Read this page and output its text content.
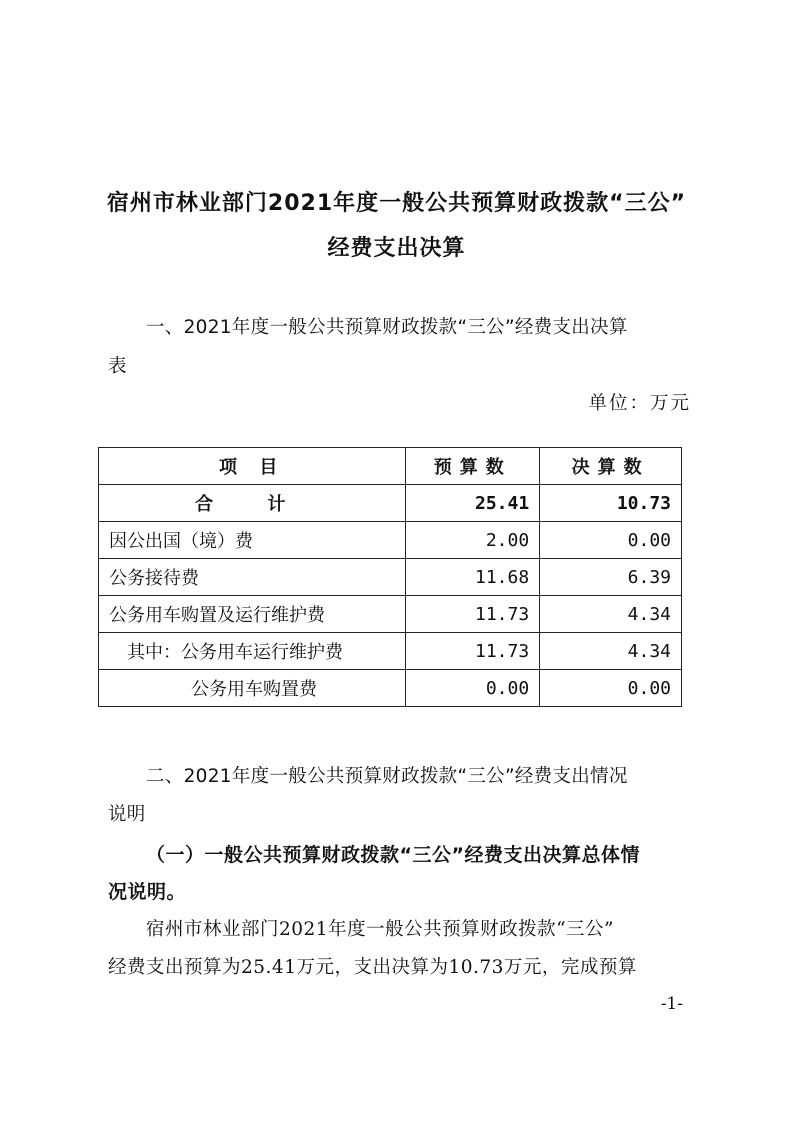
宿州市林业部门2021年度一般公共预算财政拨款“三公”
经费支出决算
一、2021年度一般公共预算财政拨款“三公”经费支出决算
表
单位：万元
项 目	预算数	决算数
合 计	25.41	10.73
因公出国（境）费	2.00	0.00
公务接待费	11.68	6.39
公务用车购置及运行维护费	11.73	4.34
其中：公务用车运行维护费	11.73	4.34
公务用车购置费	0.00	0.00
二、2021年度一般公共预算财政拨款“三公”经费支出情况
说明
（一）一般公共预算财政拨款“三公”经费支出决算总体情
况说明。
宿州市林业部门2021年度一般公共预算财政拨款“三公”
经费支出预算为25.41万元，支出决算为10.73万元，完成预算
-1-
